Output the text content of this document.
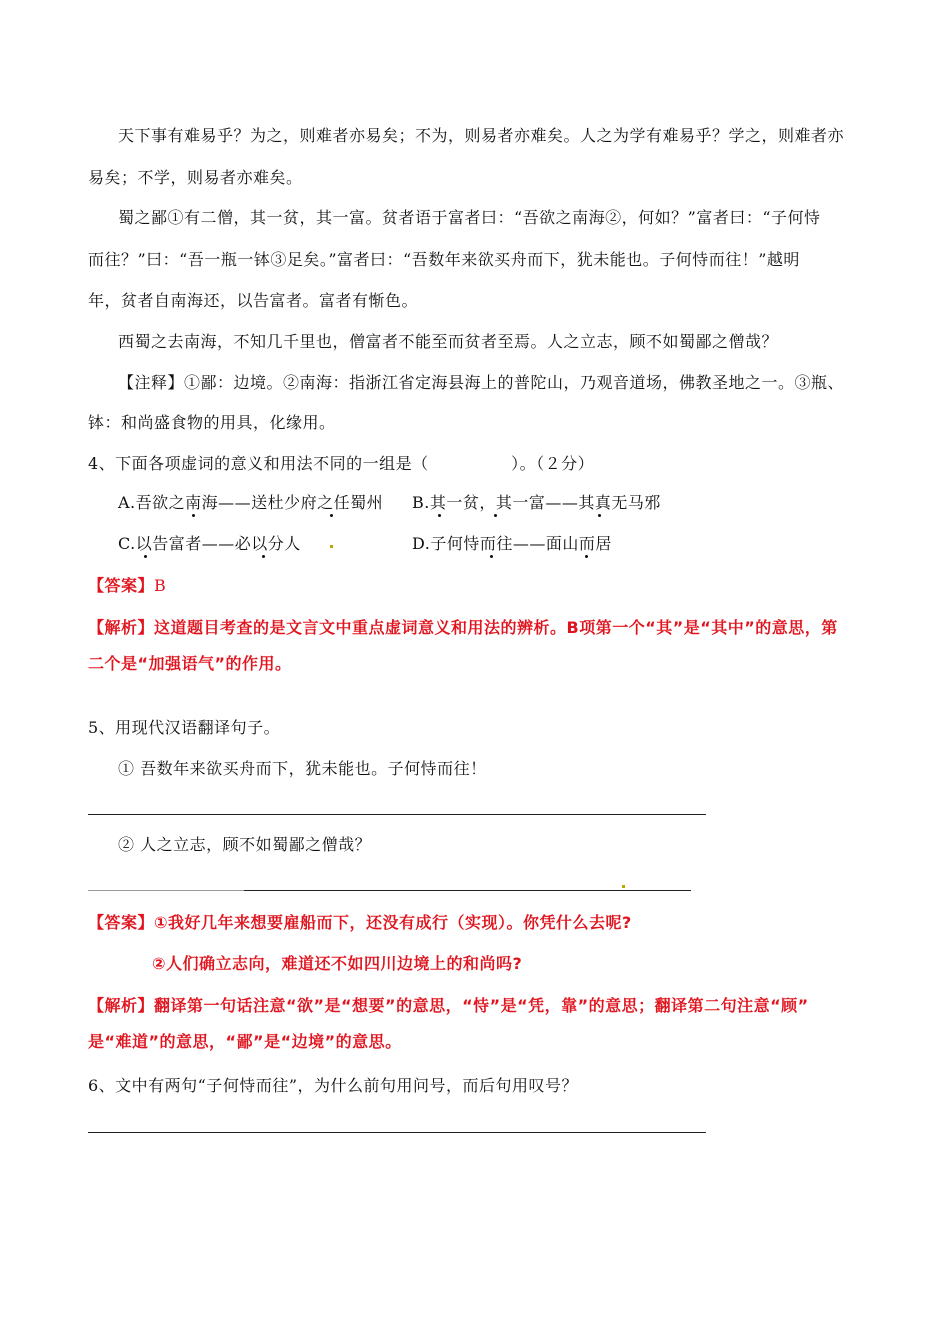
天下事有难易乎？为之，则难者亦易矣；不为，则易者亦难矣。人之为学有难易乎？学之，则难者亦
易矣；不学，则易者亦难矣。
蜀之鄙①有二僧，其一贫，其一富。贫者语于富者曰：“吾欲之南海②，何如？”富者曰：“子何恃
而往？”曰：“吾一瓶一钵③足矣。”富者曰：“吾数年来欲买舟而下，犹未能也。子何恃而往！”越明
年，贫者自南海还，以告富者。富者有惭色。
西蜀之去南海，不知几千里也，僧富者不能至而贫者至焉。人之立志，顾不如蜀鄙之僧哉？
【注释】①鄙：边境。②南海：指浙江省定海县海上的普陀山，乃观音道场，佛教圣地之一。③瓶、
钵：和尚盛食物的用具，化缘用。
4、下面各项虚词的意义和用法不同的一组是（　　　　　）。（２分）
A.吾欲之南海——送杜少府之任蜀州 B.其一贫，其一富——其真无马邪
C.以告富者——必以分人	D.子何恃而往——面山而居
【答案】B
【解析】这道题目考查的是文言文中重点虚词意义和用法的辨析。B项第一个“其”是“其中”的意思，第
二个是“加强语气”的作用。
5、用现代汉语翻译句子。
① 吾数年来欲买舟而下，犹未能也。子何恃而往！
② 人之立志，顾不如蜀鄙之僧哉？
【答案】①我好几年来想要雇船而下，还没有成行（实现）。你凭什么去呢?
②人们确立志向，难道还不如四川边境上的和尚吗?
【解析】翻译第一句话注意“欲”是“想要”的意思，“恃”是“凭，靠”的意思；翻译第二句注意“顾”
是“难道”的意思，“鄙”是“边境”的意思。
6、文中有两句“子何恃而往”，为什么前句用问号，而后句用叹号？
